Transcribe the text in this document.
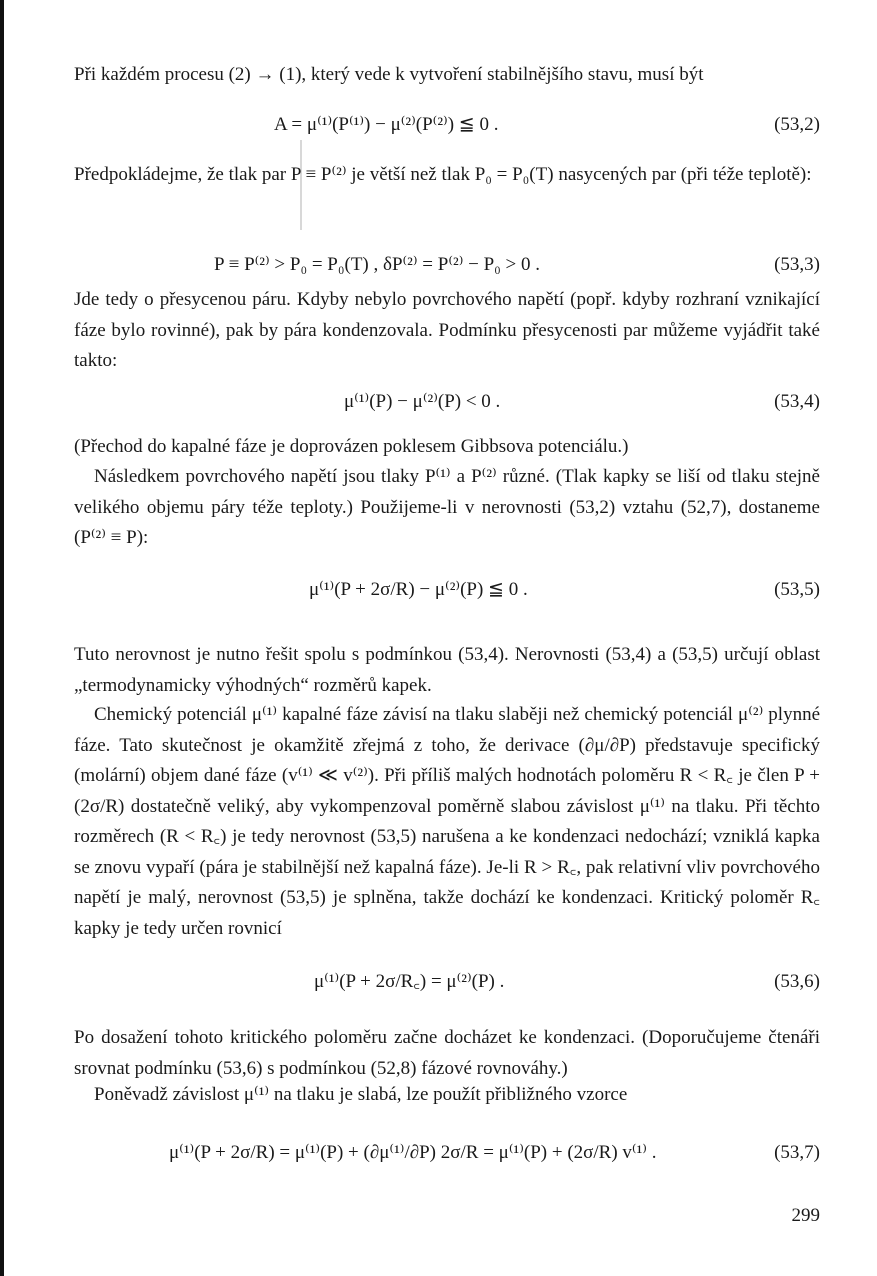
Při každém procesu (2) → (1), který vede k vytvoření stabilnějšího stavu, musí být

A = μ⁽¹⁾(P⁽¹⁾) − μ⁽²⁾(P⁽²⁾) ≦ 0 .	(53,2)

Předpokládejme, že tlak par P ≡ P⁽²⁾ je větší než tlak P₀ = P₀(T) nasycených par (při téže teplotě):

P ≡ P⁽²⁾ > P₀ = P₀(T) , δP⁽²⁾ = P⁽²⁾ − P₀ > 0 .	(53,3)

Jde tedy o přesycenou páru. Kdyby nebylo povrchového napětí (popř. kdyby rozhraní vznikající fáze bylo rovinné), pak by pára kondenzovala. Podmínku přesycenosti par můžeme vyjádřit také takto:

μ⁽¹⁾(P) − μ⁽²⁾(P) < 0 .	(53,4)

(Přechod do kapalné fáze je doprovázen poklesem Gibbsova potenciálu.)

Následkem povrchového napětí jsou tlaky P⁽¹⁾ a P⁽²⁾ různé. (Tlak kapky se liší od tlaku stejně velikého objemu páry téže teploty.) Použijeme-li v nerovnosti (53,2) vztahu (52,7), dostaneme (P⁽²⁾ ≡ P):

μ⁽¹⁾(P + 2σ/R) − μ⁽²⁾(P) ≦ 0 .	(53,5)

Tuto nerovnost je nutno řešit spolu s podmínkou (53,4). Nerovnosti (53,4) a (53,5) určují oblast „termodynamicky výhodných“ rozměrů kapek.

Chemický potenciál μ⁽¹⁾ kapalné fáze závisí na tlaku slaběji než chemický potenciál μ⁽²⁾ plynné fáze. Tato skutečnost je okamžitě zřejmá z toho, že derivace (∂μ/∂P) představuje specifický (molární) objem dané fáze (v⁽¹⁾ ≪ v⁽²⁾). Při příliš malých hodnotách poloměru R < R꜀ je člen P + (2σ/R) dostatečně veliký, aby vykompenzoval poměrně slabou závislost μ⁽¹⁾ na tlaku. Při těchto rozměrech (R < R꜀) je tedy nerovnost (53,5) narušena a ke kondenzaci nedochází; vzniklá kapka se znovu vypaří (pára je stabilnější než kapalná fáze). Je-li R > R꜀, pak relativní vliv povrchového napětí je malý, nerovnost (53,5) je splněna, takže dochází ke kondenzaci. Kritický poloměr R꜀ kapky je tedy určen rovnicí

μ⁽¹⁾(P + 2σ/R꜀) = μ⁽²⁾(P) .	(53,6)

Po dosažení tohoto kritického poloměru začne docházet ke kondenzaci. (Doporučujeme čtenáři srovnat podmínku (53,6) s podmínkou (52,8) fázové rovnováhy.)

Poněvadž závislost μ⁽¹⁾ na tlaku je slabá, lze použít přibližného vzorce

μ⁽¹⁾(P + 2σ/R) = μ⁽¹⁾(P) + (∂μ⁽¹⁾/∂P) 2σ/R = μ⁽¹⁾(P) + (2σ/R) v⁽¹⁾ .	(53,7)
299
